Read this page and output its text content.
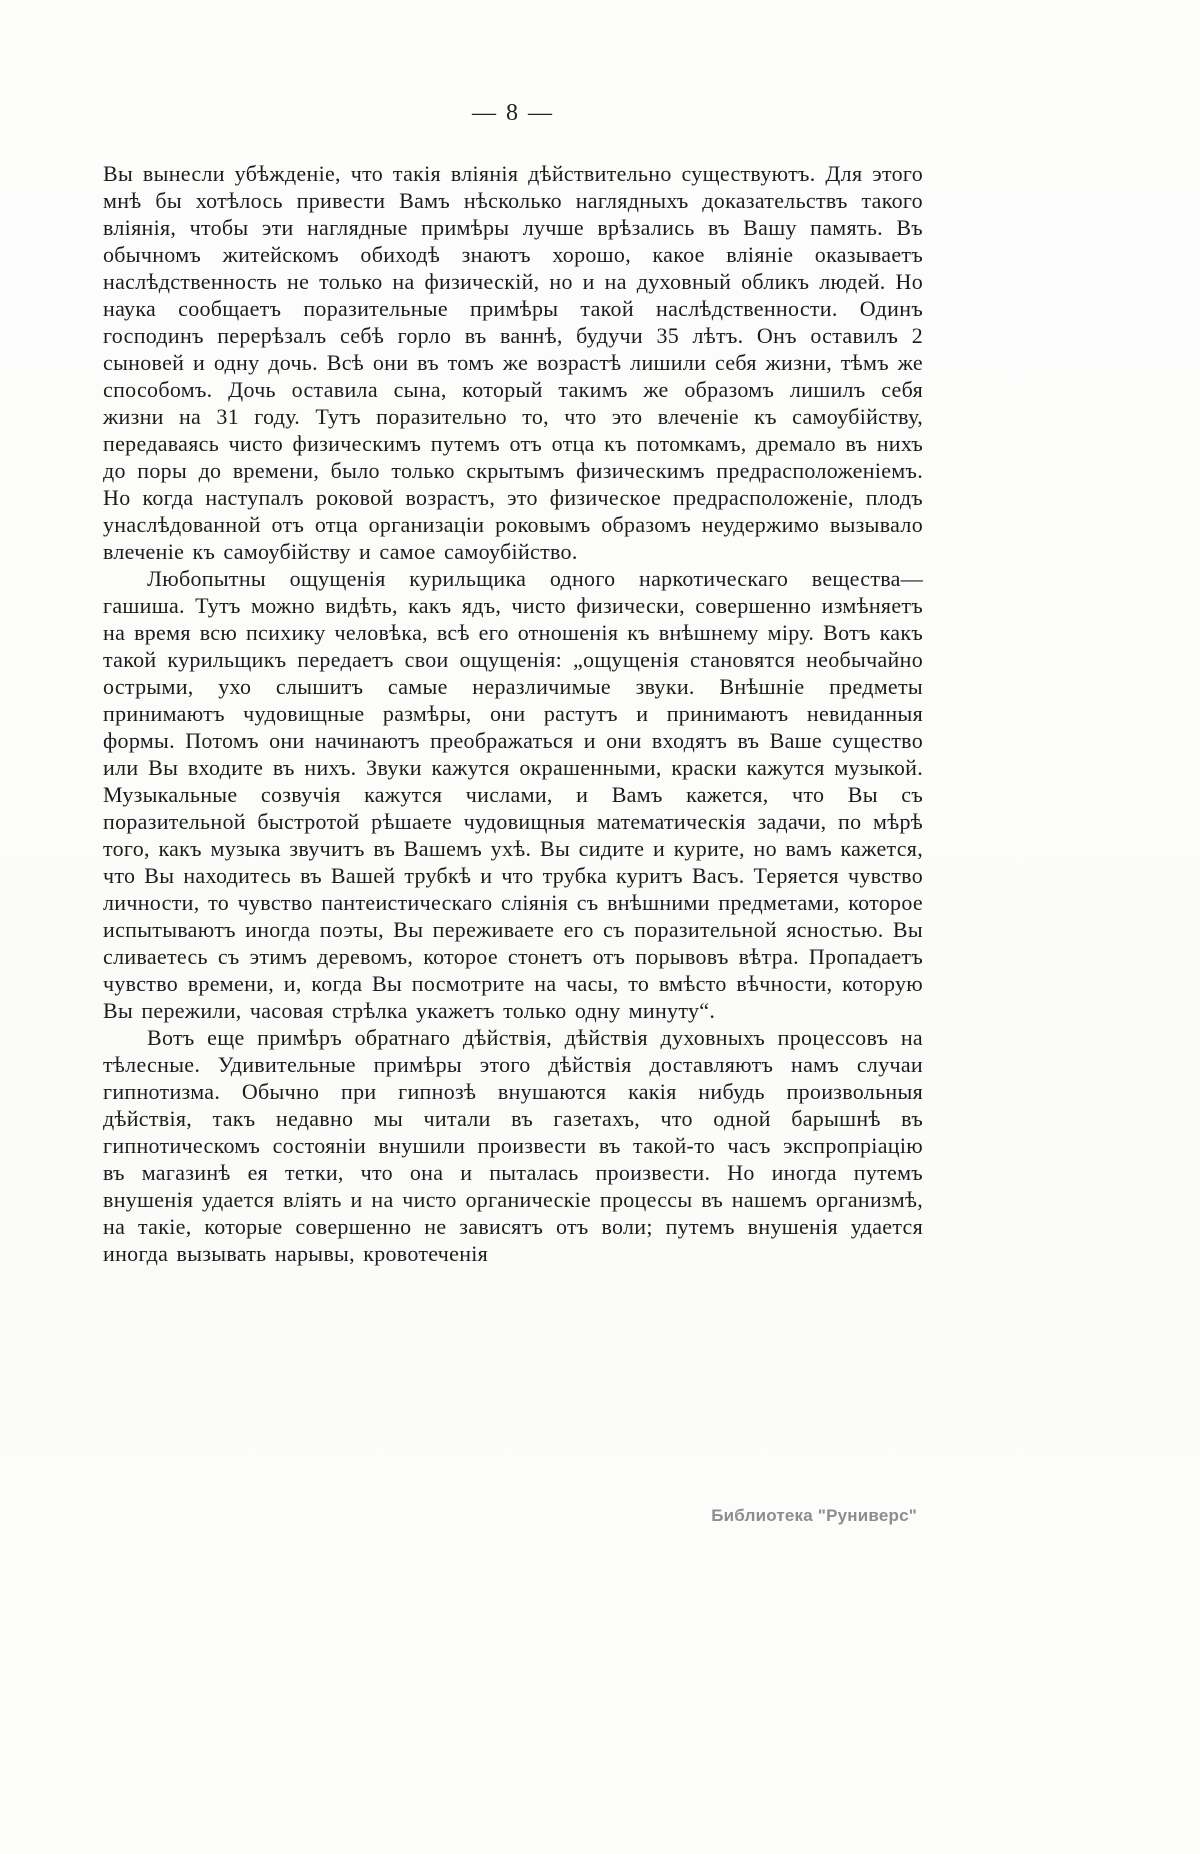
— 8 —

Вы вынесли убѣжденіе, что такія вліянія дѣйствительно существуютъ. Для этого мнѣ бы хотѣлось привести Вамъ нѣсколько наглядныхъ доказательствъ такого вліянія, чтобы эти наглядные примѣры лучше врѣзались въ Вашу память. Въ обычномъ житейскомъ обиходѣ знаютъ хорошо, какое вліяніе оказываетъ наслѣдственность не только на физическій, но и на духовный обликъ людей. Но наука сообщаетъ поразительные примѣры такой наслѣдственности. Одинъ господинъ перерѣзалъ себѣ горло въ ваннѣ, будучи 35 лѣтъ. Онъ оставилъ 2 сыновей и одну дочь. Всѣ они въ томъ же возрастѣ лишили себя жизни, тѣмъ же способомъ. Дочь оставила сына, который такимъ же образомъ лишилъ себя жизни на 31 году. Тутъ поразительно то, что это влеченіе къ самоубійству, передаваясь чисто физическимъ путемъ отъ отца къ потомкамъ, дремало въ нихъ до поры до времени, было только скрытымъ физическимъ предрасположеніемъ. Но когда наступалъ роковой возрастъ, это физическое предрасположеніе, плодъ унаслѣдованной отъ отца организаціи роковымъ образомъ неудержимо вызывало влеченіе къ самоубійству и самое самоубійство.

Любопытны ощущенія курильщика одного наркотическаго вещества—гашиша. Тутъ можно видѣть, какъ ядъ, чисто физически, совершенно измѣняетъ на время всю психику человѣка, всѣ его отношенія къ внѣшнему міру. Вотъ какъ такой курильщикъ передаетъ свои ощущенія: „ощущенія становятся необычайно острыми, ухо слышитъ самые неразличимые звуки. Внѣшніе предметы принимаютъ чудовищные размѣры, они растутъ и принимаютъ невиданныя формы. Потомъ они начинаютъ преображаться и они входятъ въ Ваше существо или Вы входите въ нихъ. Звуки кажутся окрашенными, краски кажутся музыкой. Музыкальные созвучія кажутся числами, и Вамъ кажется, что Вы съ поразительной быстротой рѣшаете чудовищныя математическія задачи, по мѣрѣ того, какъ музыка звучитъ въ Вашемъ ухѣ. Вы сидите и курите, но вамъ кажется, что Вы находитесь въ Вашей трубкѣ и что трубка куритъ Васъ. Теряется чувство личности, то чувство пантеистическаго сліянія съ внѣшними предметами, которое испытываютъ иногда поэты, Вы переживаете его съ поразительной ясностью. Вы сливаетесь съ этимъ деревомъ, которое стонетъ отъ порывовъ вѣтра. Пропадаетъ чувство времени, и, когда Вы посмотрите на часы, то вмѣсто вѣчности, которую Вы пережили, часовая стрѣлка укажетъ только одну минуту“.

Вотъ еще примѣръ обратнаго дѣйствія, дѣйствія духовныхъ процессовъ на тѣлесные. Удивительные примѣры этого дѣйствія доставляютъ намъ случаи гипнотизма. Обычно при гипнозѣ внушаются какія нибудь произвольныя дѣйствія, такъ недавно мы читали въ газетахъ, что одной барышнѣ въ гипнотическомъ состояніи внушили произвести въ такой-то часъ экспропріацію въ магазинѣ ея тетки, что она и пыталась произвести. Но иногда путемъ внушенія удается вліять и на чисто органическіе процессы въ нашемъ организмѣ, на такіе, которые совершенно не зависятъ отъ воли; путемъ внушенія удается иногда вызывать нарывы, кровотеченія

Библиотека "Руниверс"
